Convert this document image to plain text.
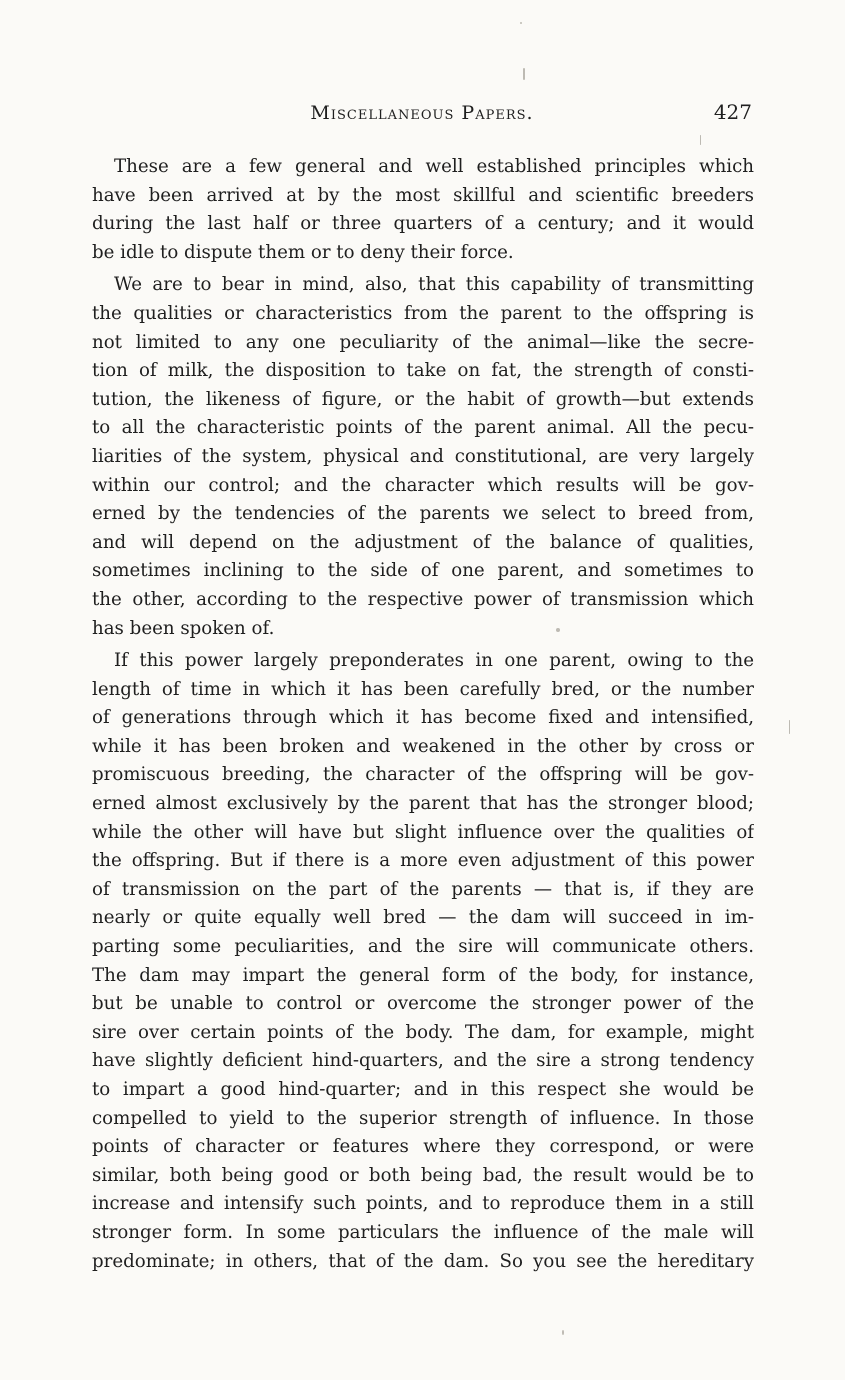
Miscellaneous Papers.	427
These are a few general and well established principles which
have been arrived at by the most skillful and scientific breeders
during the last half or three quarters of a century; and it would
be idle to dispute them or to deny their force.
We are to bear in mind, also, that this capability of transmitting
the qualities or characteristics from the parent to the offspring is
not limited to any one peculiarity of the animal—like the secre-
tion of milk, the disposition to take on fat, the strength of consti-
tution, the likeness of figure, or the habit of growth—but extends
to all the characteristic points of the parent animal. All the pecu-
liarities of the system, physical and constitutional, are very largely
within our control; and the character which results will be gov-
erned by the tendencies of the parents we select to breed from,
and will depend on the adjustment of the balance of qualities,
sometimes inclining to the side of one parent, and sometimes to
the other, according to the respective power of transmission which
has been spoken of.
If this power largely preponderates in one parent, owing to the
length of time in which it has been carefully bred, or the number
of generations through which it has become fixed and intensified,
while it has been broken and weakened in the other by cross or
promiscuous breeding, the character of the offspring will be gov-
erned almost exclusively by the parent that has the stronger blood;
while the other will have but slight influence over the qualities of
the offspring. But if there is a more even adjustment of this power
of transmission on the part of the parents — that is, if they are
nearly or quite equally well bred — the dam will succeed in im-
parting some peculiarities, and the sire will communicate others.
The dam may impart the general form of the body, for instance,
but be unable to control or overcome the stronger power of the
sire over certain points of the body. The dam, for example, might
have slightly deficient hind-quarters, and the sire a strong tendency
to impart a good hind-quarter; and in this respect she would be
compelled to yield to the superior strength of influence. In those
points of character or features where they correspond, or were
similar, both being good or both being bad, the result would be to
increase and intensify such points, and to reproduce them in a still
stronger form. In some particulars the influence of the male will
predominate; in others, that of the dam. So you see the hereditary
